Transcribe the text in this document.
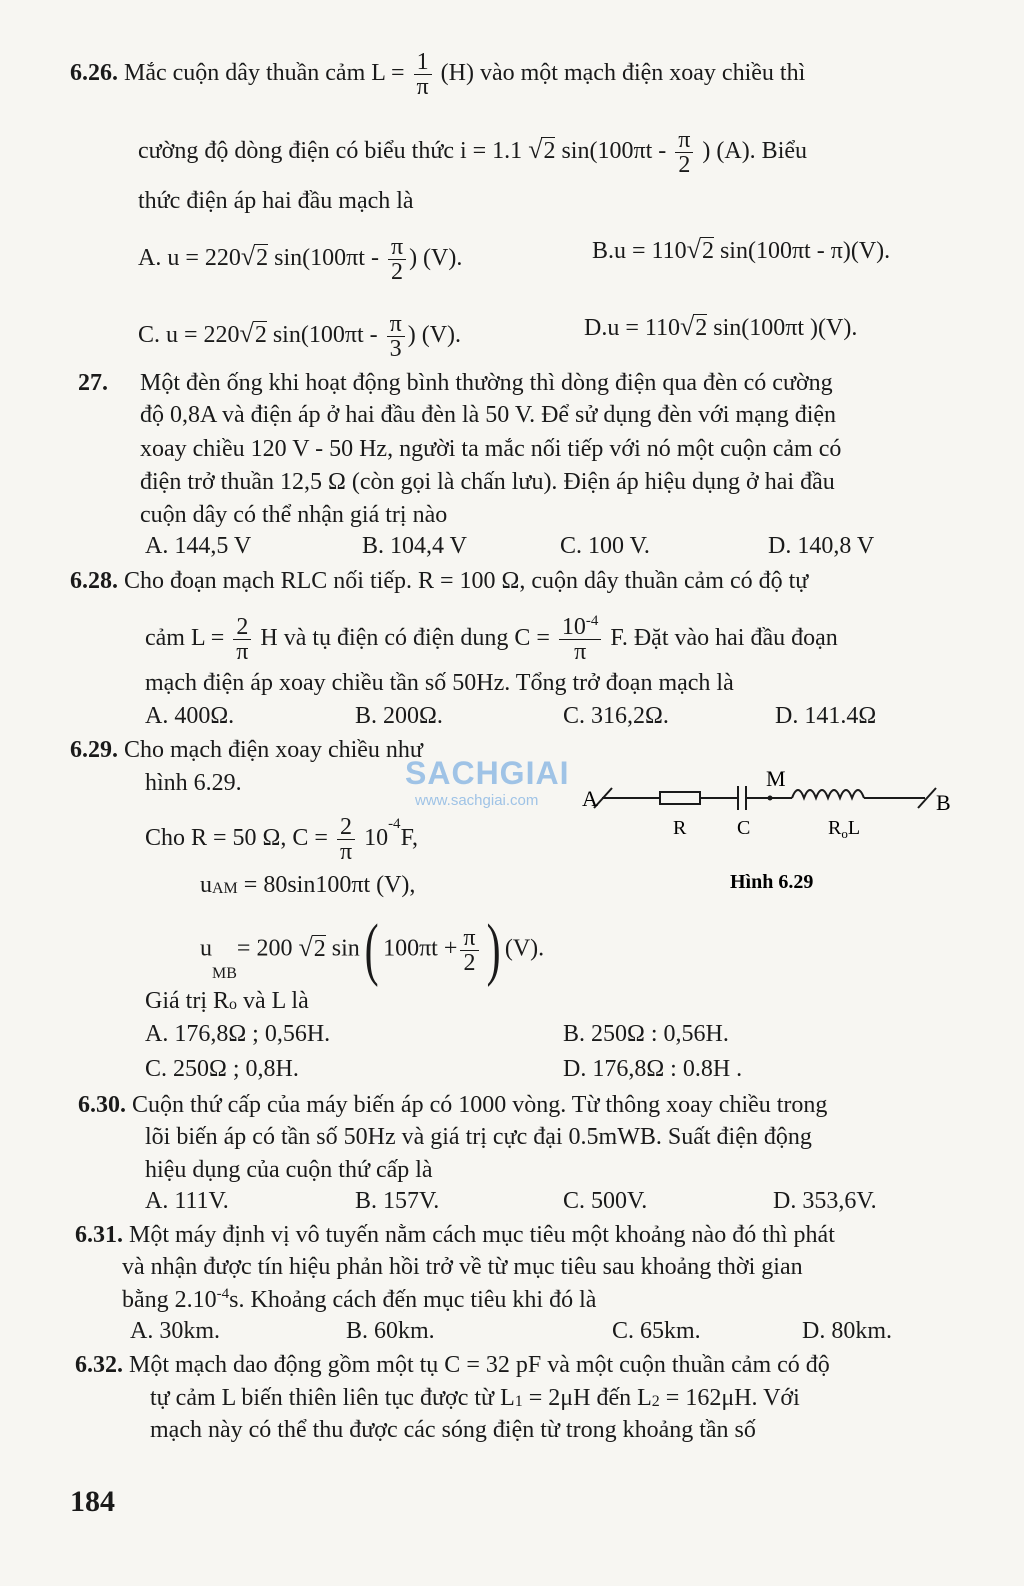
6.26. Mắc cuộn dây thuần cảm $L = \frac{1}{\pi} (H)$ vào một mạch điện xoay chiều thì
cường độ dòng điện có biểu thức i = 1.1 √2 $\sin(100\pi t - \frac{\pi}{2}$ ) (A). Biểu
thức điện áp hai đầu mạch là
A. u = 220√2 $\sin(100\pi t - \frac{\pi}{2}$ ) (V).	B.u = 110√2 sin(100πt - π)(V).
C. u = 220√2 $\sin(100\pi t - \frac{\pi}{3}$ ) (V).	D.u = 110√2 sin(100πt )(V).
27. Một đèn ống khi hoạt động bình thường thì dòng điện qua đèn có cường
độ 0,8A và điện áp ở hai đầu đèn là 50 V. Để sử dụng đèn với mạng điện
xoay chiều 120 V - 50 Hz, người ta mắc nối tiếp với nó một cuộn cảm có
điện trở thuần 12,5 Ω (còn gọi là chấn lưu). Điện áp hiệu dụng ở hai đầu
cuộn dây có thể nhận giá trị nào
A. 144,5 V	B. 104,4 V	C. 100 V.	D. 140,8 V
6.28. Cho đoạn mạch RLC nối tiếp. R = 100 Ω, cuộn dây thuần cảm có độ tự
cảm $L = \frac{2}{\pi}$ H và tụ điện có điện dung $C = \frac{10^{-4}}{\pi} F$. Đặt vào hai đầu đoạn
mạch điện áp xoay chiều tần số 50Hz. Tổng trở đoạn mạch là
A. 400Ω.	B. 200Ω.	C. 316,2Ω.	D. 141.4Ω
SACHGIAI
www.sachgiai.com
6.29. Cho mạch điện xoay chiều như
hình 6.29.
Cho R = 50 Ω, $C = \frac{2}{\pi} 10^{-4}F$,
uAM = 80sin100πt (V),
uMB= 200 √2 sin( $100\pi t + \frac{\pi}{2}$ ) (V).
Giá trị Ro và L là
A. 176,8Ω ; 0,56H.	B. 250Ω : 0,56H.
C. 250Ω ; 0,8H.	D. 176,8Ω : 0.8H .
A	B
M
R	C	$R_oL$
Hình 6.29
6.30. Cuộn thứ cấp của máy biến áp có 1000 vòng. Từ thông xoay chiều trong
lõi biến áp có tần số 50Hz và giá trị cực đại 0.5mWB. Suất điện động
hiệu dụng của cuộn thứ cấp là
A. 111V.	B. 157V.	C. 500V.	D. 353,6V.
6.31. Một máy định vị vô tuyến nằm cách mục tiêu một khoảng nào đó thì phát
và nhận được tín hiệu phản hồi trở về từ mục tiêu sau khoảng thời gian
bằng $2.10^{-4}s$. Khoảng cách đến mục tiêu khi đó là
A. 30km.	B. 60km.	C. 65km.	D. 80km.
6.32. Một mạch dao động gồm một tụ C = 32 pF và một cuộn thuần cảm có độ
tự cảm L biến thiên liên tục được từ L1 = 2μH đến L2 = 162μH. Với
mạch này có thể thu được các sóng điện từ trong khoảng tần số
184
